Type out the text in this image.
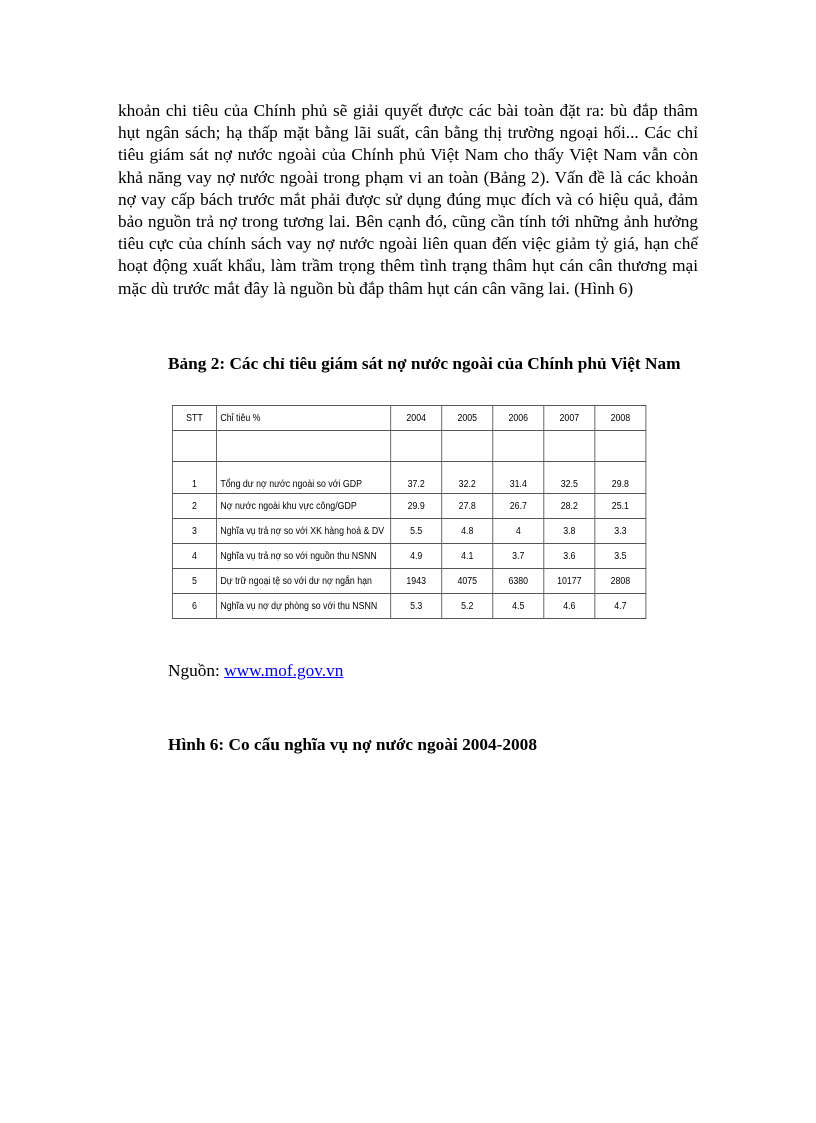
khoản chi tiêu của Chính phủ sẽ giải quyết được các bài toàn đặt ra: bù đắp thâm hụt ngân sách; hạ thấp mặt bằng lãi suất, cân bằng thị trường ngoại hối... Các chỉ tiêu giám sát nợ nước ngoài của Chính phủ Việt Nam cho thấy Việt Nam vẫn còn khả năng vay nợ nước ngoài trong phạm vi an toàn (Bảng 2). Vấn đề là các khoản nợ vay cấp bách trước mắt phải được sử dụng đúng mục đích và có hiệu quả, đảm bảo nguồn trả nợ trong tương lai. Bên cạnh đó, cũng cần tính tới những ảnh hưởng tiêu cực của chính sách vay nợ nước ngoài liên quan đến việc giảm tỷ giá, hạn chế hoạt động xuất khẩu, làm trầm trọng thêm tình trạng thâm hụt cán cân thương mại mặc dù trước mắt đây là nguồn bù đắp thâm hụt cán cân vãng lai. (Hình 6)

Bảng 2: Các chỉ tiêu giám sát nợ nước ngoài của Chính phủ Việt Nam

STT	Chỉ tiêu %	2004	2005	2006	2007	2008

1	Tổng dư nợ nước ngoài so với GDP	37.2	32.2	31.4	32.5	29.8
2	Nợ nước ngoài khu vực công/GDP	29.9	27.8	26.7	28.2	25.1
3	Nghĩa vụ trả nợ so với XK hàng hoá & DV	5.5	4.8	4	3.8	3.3
4	Nghĩa vụ trả nợ so với nguồn thu NSNN	4.9	4.1	3.7	3.6	3.5
5	Dự trữ ngoại tệ so với dư nợ ngắn hạn	1943	4075	6380	10177	2808
6	Nghĩa vụ nợ dự phòng so với thu NSNN	5.3	5.2	4.5	4.6	4.7

Nguồn: www.mof.gov.vn

Hình 6: Co cấu nghĩa vụ nợ nước ngoài 2004-2008
